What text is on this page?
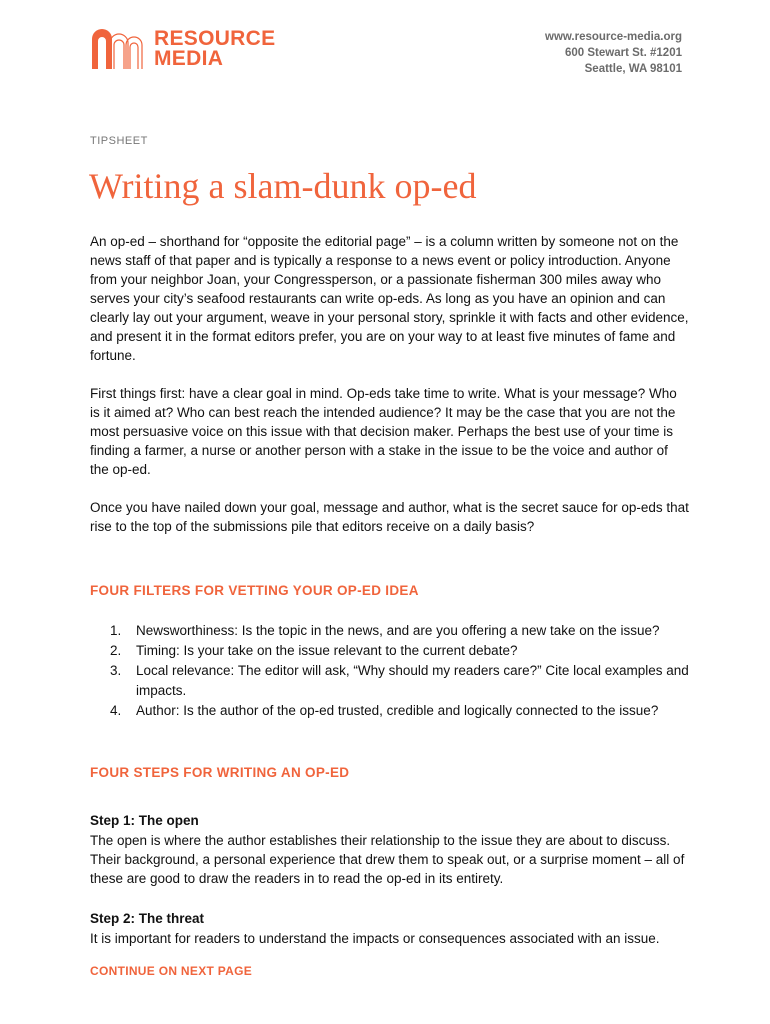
RESOURCE
MEDIA
www.resource-media.org
600 Stewart St. #1201
Seattle, WA 98101
TIPSHEET
Writing a slam-dunk op-ed

An op-ed – shorthand for “opposite the editorial page” – is a column written by someone not on the news staff of that paper and is typically a response to a news event or policy introduction. Anyone from your neighbor Joan, your Congressperson, or a passionate fisherman 300 miles away who serves your city’s seafood restaurants can write op-eds. As long as you have an opinion and can clearly lay out your argument, weave in your personal story, sprinkle it with facts and other evidence, and present it in the format editors prefer, you are on your way to at least five minutes of fame and fortune.

First things first: have a clear goal in mind. Op-eds take time to write. What is your message? Who is it aimed at? Who can best reach the intended audience? It may be the case that you are not the most persuasive voice on this issue with that decision maker. Perhaps the best use of your time is finding a farmer, a nurse or another person with a stake in the issue to be the voice and author of the op-ed.

Once you have nailed down your goal, message and author, what is the secret sauce for op-eds that rise to the top of the submissions pile that editors receive on a daily basis?

FOUR FILTERS FOR VETTING YOUR OP-ED IDEA
1.	Newsworthiness: Is the topic in the news, and are you offering a new take on the issue?
2.	Timing: Is your take on the issue relevant to the current debate?
3.	Local relevance: The editor will ask, “Why should my readers care?” Cite local examples and impacts.
4.	Author: Is the author of the op-ed trusted, credible and logically connected to the issue?
FOUR STEPS FOR WRITING AN OP-ED
Step 1: The open

The open is where the author establishes their relationship to the issue they are about to discuss. Their background, a personal experience that drew them to speak out, or a surprise moment – all of these are good to draw the readers in to read the op-ed in its entirety.

Step 2: The threat

It is important for readers to understand the impacts or consequences associated with an issue.

CONTINUE ON NEXT PAGE
